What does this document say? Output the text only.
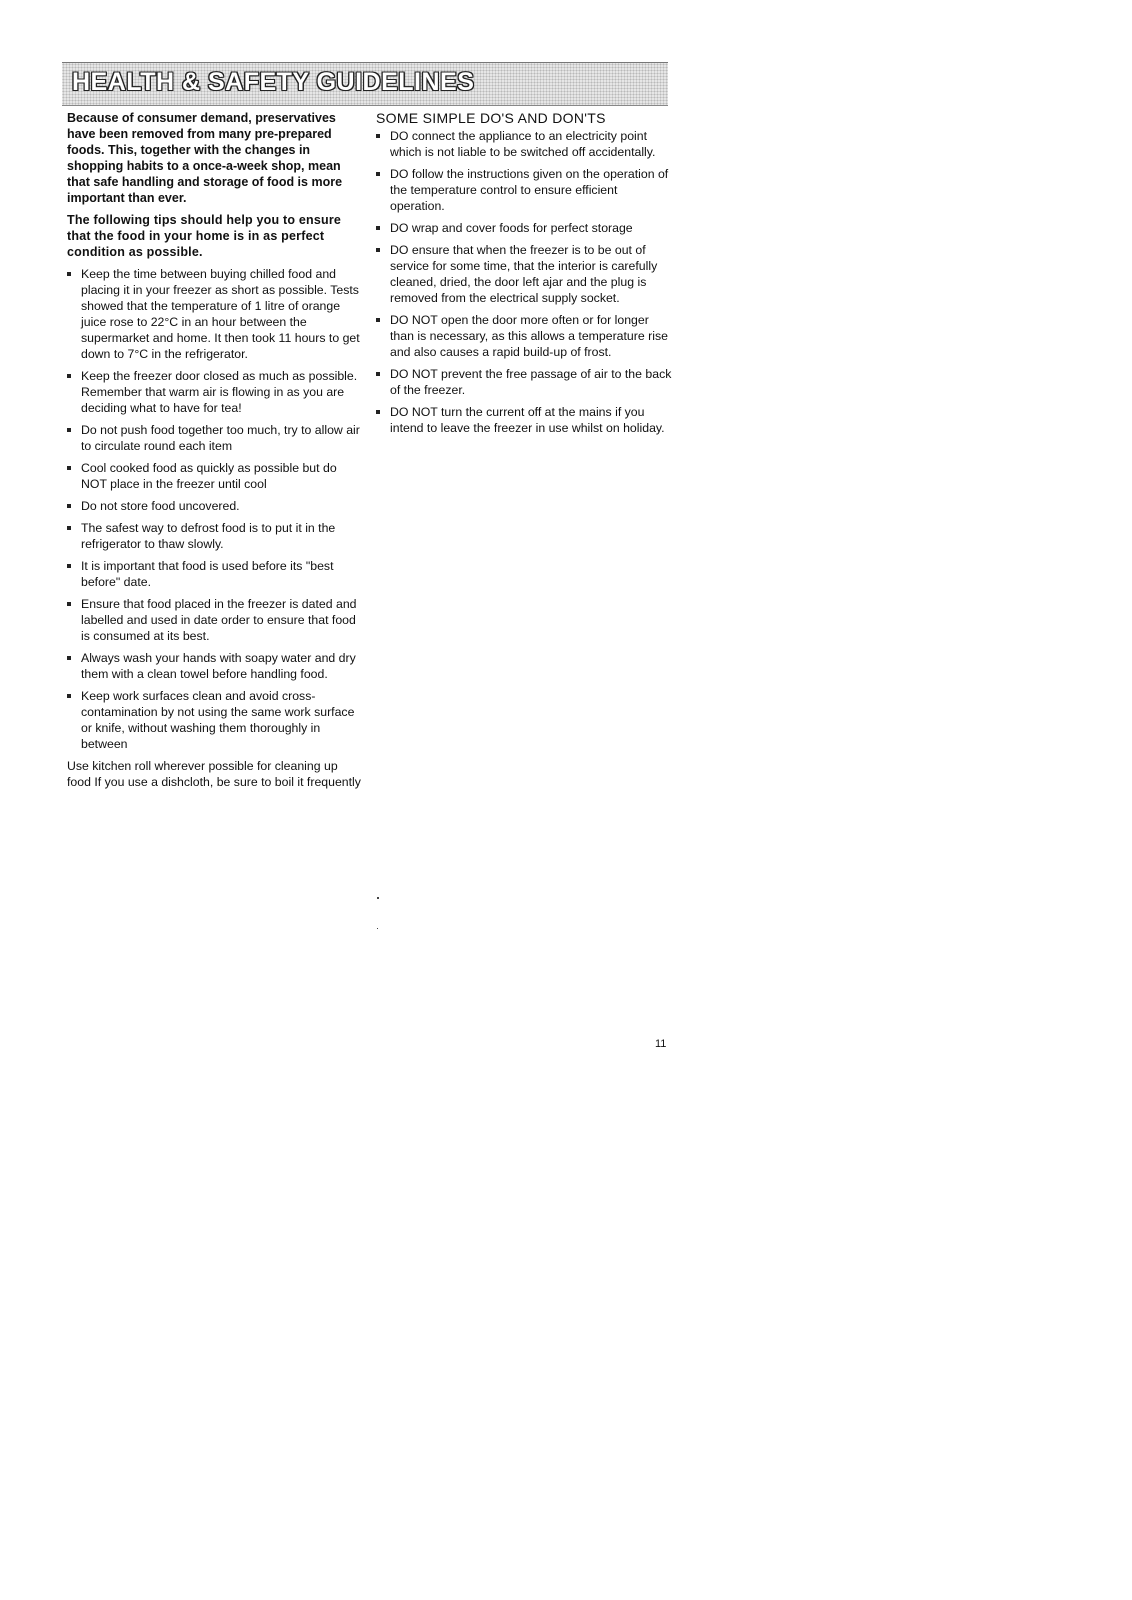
HEALTH & SAFETY GUIDELINES

Because of consumer demand, preservatives have been removed from many pre-prepared foods. This, together with the changes in shopping habits to a once-a-week shop, mean that safe handling and storage of food is more important than ever.

The following tips should help you to ensure that the food in your home is in as perfect condition as possible.

Keep the time between buying chilled food and placing it in your freezer as short as possible. Tests showed that the temperature of 1 litre of orange juice rose to 22°C in an hour between the supermarket and home. It then took 11 hours to get down to 7°C in the refrigerator.
Keep the freezer door closed as much as possible. Remember that warm air is flowing in as you are deciding what to have for tea!
Do not push food together too much, try to allow air to circulate round each item
Cool cooked food as quickly as possible but do NOT place in the freezer until cool
Do not store food uncovered.
The safest way to defrost food is to put it in the refrigerator to thaw slowly.
It is important that food is used before its "best before" date.
Ensure that food placed in the freezer is dated and labelled and used in date order to ensure that food is consumed at its best.
Always wash your hands with soapy water and dry them with a clean towel before handling food.
Keep work surfaces clean and avoid cross-contamination by not using the same work surface or knife, without washing them thoroughly in between

Use kitchen roll wherever possible for cleaning up food If you use a dishcloth, be sure to boil it frequently

SOME SIMPLE DO'S AND DON'TS
DO connect the appliance to an electricity point which is not liable to be switched off accidentally.
DO follow the instructions given on the operation of the temperature control to ensure efficient operation.
DO wrap and cover foods for perfect storage
DO ensure that when the freezer is to be out of service for some time, that the interior is carefully cleaned, dried, the door left ajar and the plug is removed from the electrical supply socket.
DO NOT open the door more often or for longer than is necessary, as this allows a temperature rise and also causes a rapid build-up of frost.
DO NOT prevent the free passage of air to the back of the freezer.
DO NOT turn the current off at the mains if you intend to leave the freezer in use whilst on holiday.
11
